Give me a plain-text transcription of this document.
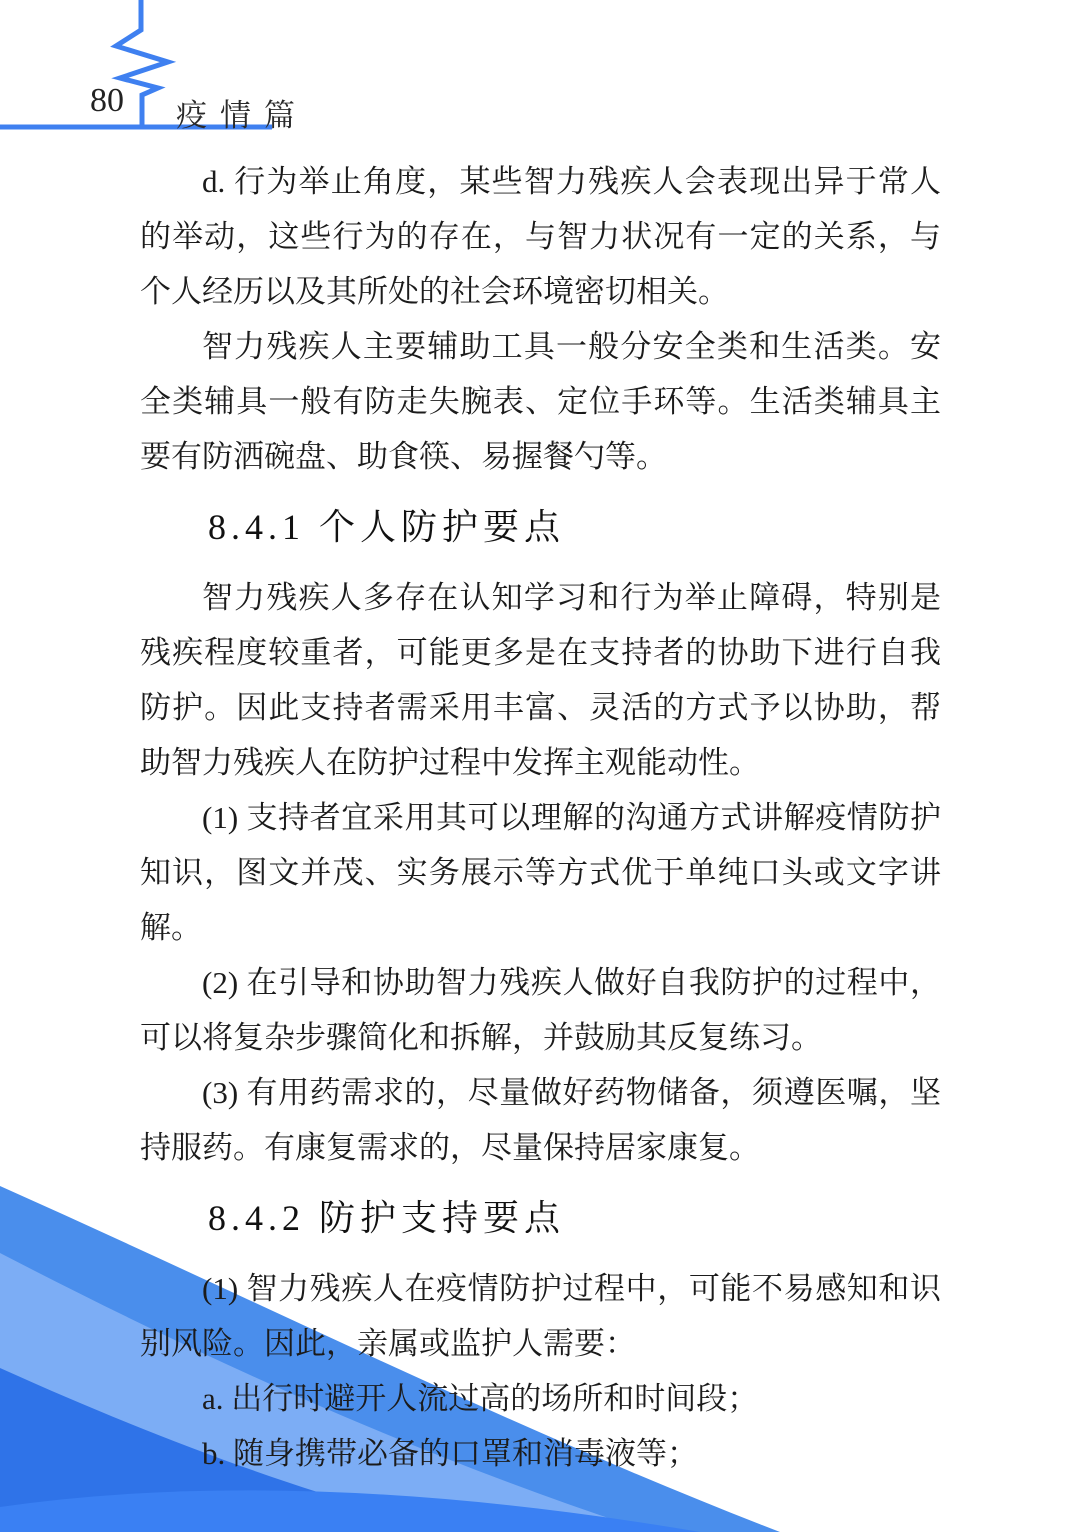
80 疫情篇

d. 行为举止角度，某些智力残疾人会表现出异于常人的举动，这些行为的存在，与智力状况有一定的关系，与个人经历以及其所处的社会环境密切相关。

智力残疾人主要辅助工具一般分安全类和生活类。安全类辅具一般有防走失腕表、定位手环等。生活类辅具主要有防洒碗盘、助食筷、易握餐勺等。

8.4.1 个人防护要点

智力残疾人多存在认知学习和行为举止障碍，特别是残疾程度较重者，可能更多是在支持者的协助下进行自我防护。因此支持者需采用丰富、灵活的方式予以协助，帮助智力残疾人在防护过程中发挥主观能动性。

(1) 支持者宜采用其可以理解的沟通方式讲解疫情防护知识，图文并茂、实务展示等方式优于单纯口头或文字讲解。

(2) 在引导和协助智力残疾人做好自我防护的过程中，可以将复杂步骤简化和拆解，并鼓励其反复练习。

(3) 有用药需求的，尽量做好药物储备，须遵医嘱，坚持服药。有康复需求的，尽量保持居家康复。

8.4.2 防护支持要点

(1) 智力残疾人在疫情防护过程中，可能不易感知和识别风险。因此，亲属或监护人需要：

a. 出行时避开人流过高的场所和时间段；

b. 随身携带必备的口罩和消毒液等；
